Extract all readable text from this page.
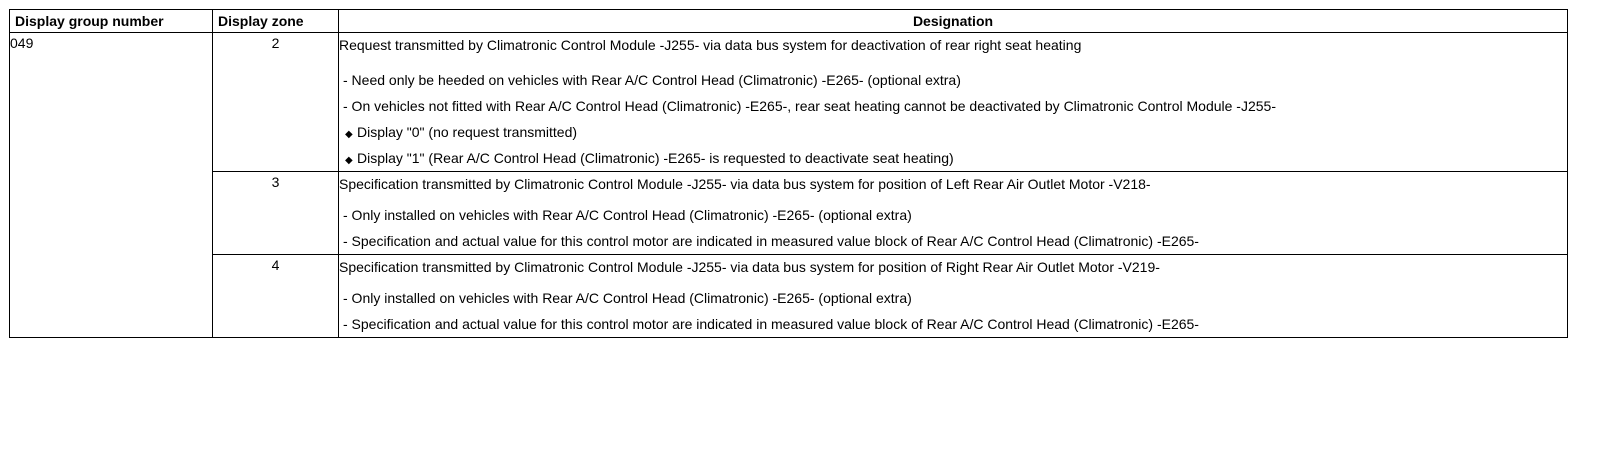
Display group number	Display zone	Designation
049	2	Request transmitted by Climatronic Control Module -J255- via data bus system for deactivation of rear right seat heating
- Need only be heeded on vehicles with Rear A/C Control Head (Climatronic) -E265- (optional extra)
- On vehicles not fitted with Rear A/C Control Head (Climatronic) -E265-, rear seat heating cannot be deactivated by Climatronic Control Module -J255-
◆ Display "0" (no request transmitted)
◆ Display "1" (Rear A/C Control Head (Climatronic) -E265- is requested to deactivate seat heating)

	3	Specification transmitted by Climatronic Control Module -J255- via data bus system for position of Left Rear Air Outlet Motor -V218-
- Only installed on vehicles with Rear A/C Control Head (Climatronic) -E265- (optional extra)
- Specification and actual value for this control motor are indicated in measured value block of Rear A/C Control Head (Climatronic) -E265-

	4	Specification transmitted by Climatronic Control Module -J255- via data bus system for position of Right Rear Air Outlet Motor -V219-
- Only installed on vehicles with Rear A/C Control Head (Climatronic) -E265- (optional extra)
- Specification and actual value for this control motor are indicated in measured value block of Rear A/C Control Head (Climatronic) -E265-
